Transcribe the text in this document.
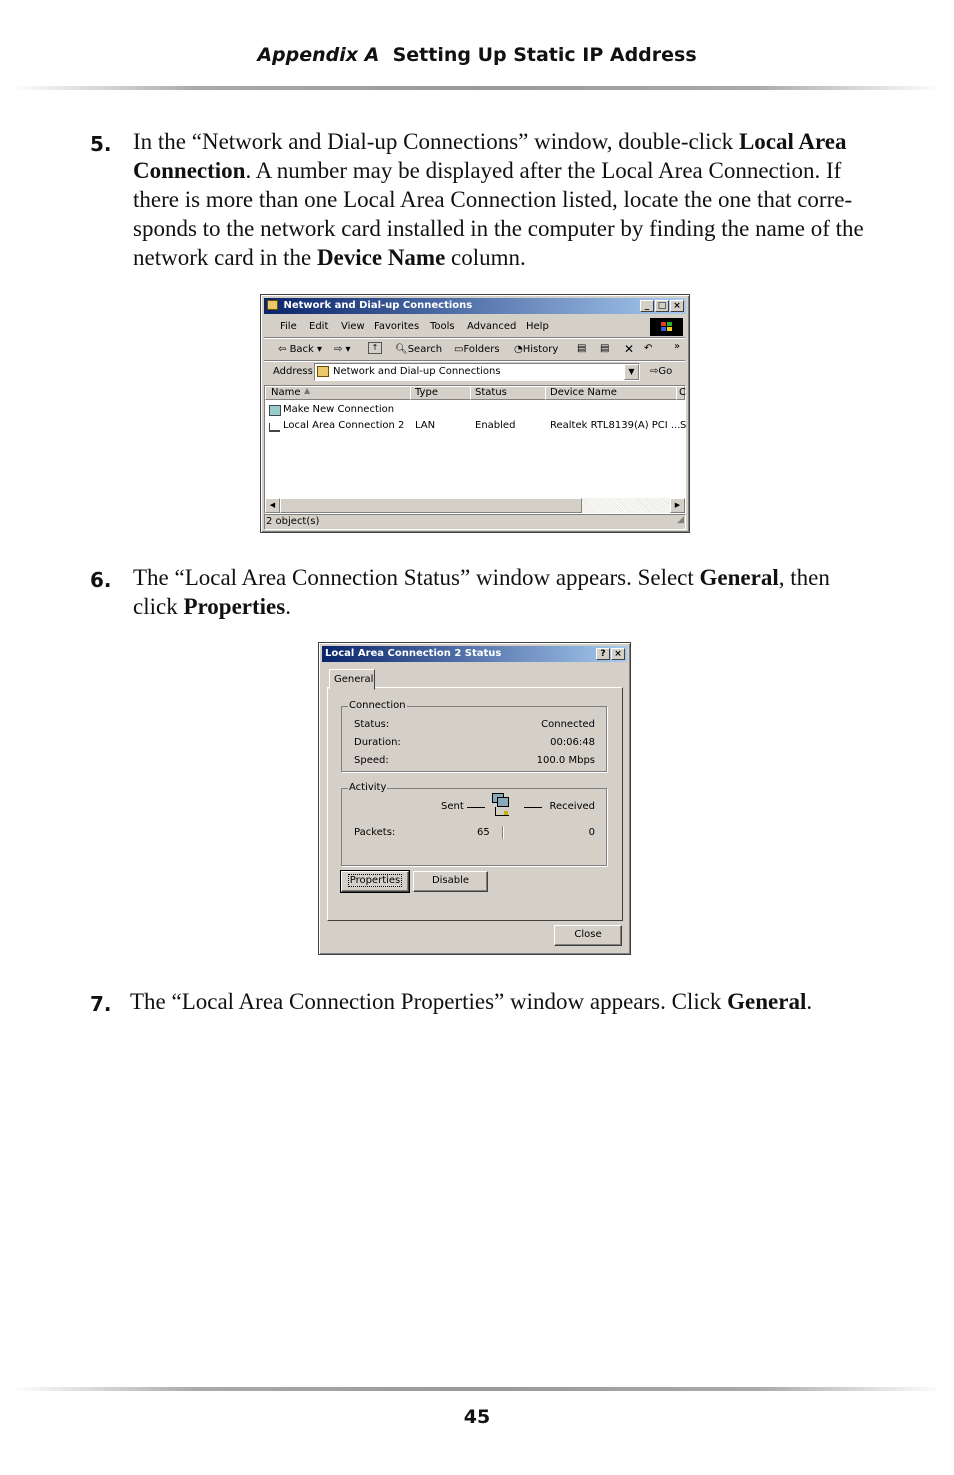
Appendix A Setting Up Static IP Address
5. In the “Network and Dial-up Connections” window, double-click Local Area Connection. A number may be displayed after the Local Area Connection. If there is more than one Local Area Connection listed, locate the one that corre-sponds to the network card installed in the computer by finding the name of the network card in the Device Name column.
Network and Dial-up Connections	_ □ ×
File Edit View Favorites Tools Advanced Help
⇦ Back ▾ ⇨ ▾	↑	🔍︎Search ▭Folders ◔History ▤ ▤ ✕ ↶ »
Address Network and Dial-up Connections	▼	⇨Go
Name ▲	Type	Status	Device Name	C
Make New Connection
Local Area Connection 2 LAN	Enabled	Realtek RTL8139(A) PCI ... S
◀	▶
2 object(s)	◢
6. The “Local Area Connection Status” window appears. Select General, then click Properties.
Local Area Connection 2 Status	? ×
General
Connection
Status:	Connected
Duration:	00:06:48
Speed:	100.0 Mbps
Activity
Sent	Received
Packets:	65	0
Properties	Disable
Close
7. The “Local Area Connection Properties” window appears. Click General.
45
